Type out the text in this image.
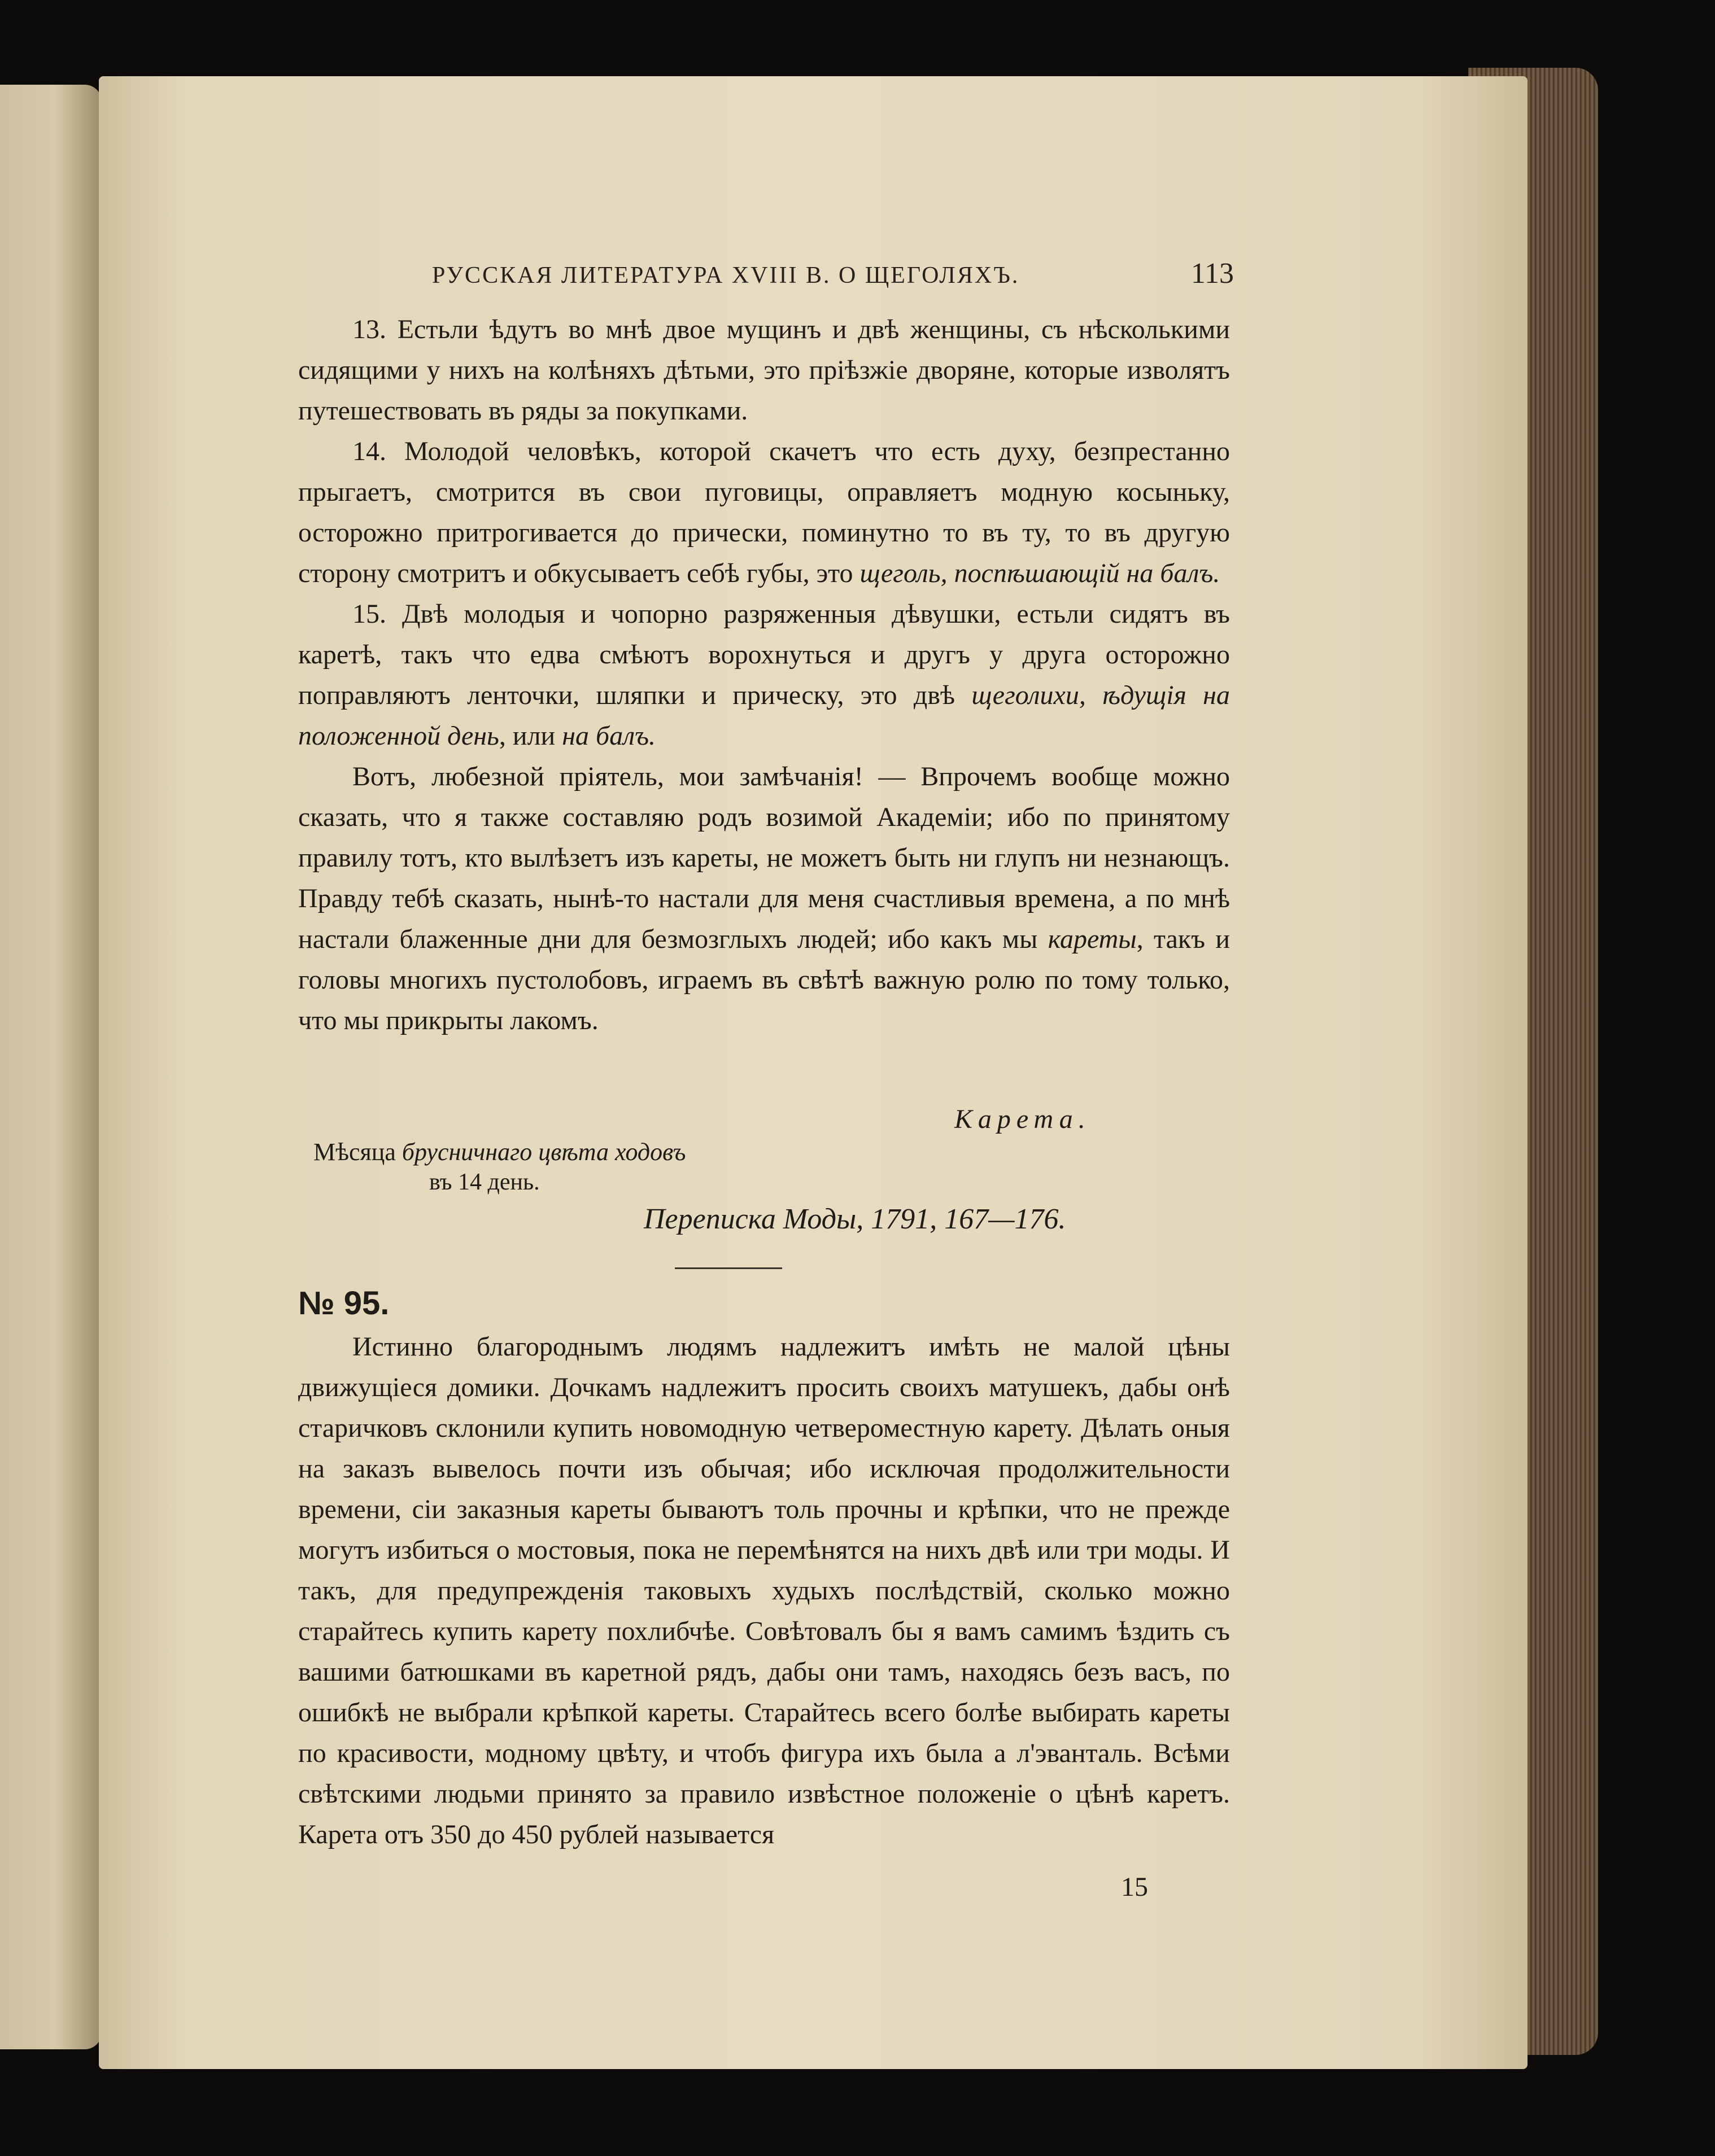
РУССКАЯ ЛИТЕРАТУРА XVIII В. О ЩЕГОЛЯХЪ.	113

13. Естьли ѣдутъ во мнѣ двое мущинъ и двѣ женщины, съ нѣсколькими сидящими у нихъ на колѣняхъ дѣтьми, это пріѣзжіе дворяне, которые изволятъ путешествовать въ ряды за покупками.

14. Молодой человѣкъ, которой скачетъ что есть духу, безпрестанно прыгаетъ, смотрится въ свои пуговицы, оправляетъ модную косыньку, осторожно притрогивается до прически, поминутно то въ ту, то въ другую сторону смотритъ и обкусываетъ себѣ губы, это щеголь, поспѣшающій на балъ.

15. Двѣ молодыя и чопорно разряженныя дѣвушки, естьли сидятъ въ каретѣ, такъ что едва смѣютъ ворохнуться и другъ у друга осторожно поправляютъ ленточки, шляпки и прическу, это двѣ щеголихи, ѣдущія на положенной день, или на балъ.

Вотъ, любезной пріятель, мои замѣчанія! — Впрочемъ вообще можно сказать, что я также составляю родъ возимой Академіи; ибо по принятому правилу тотъ, кто вылѣзетъ изъ кареты, не можетъ быть ни глупъ ни незнающъ. Правду тебѣ сказать, нынѣ-то настали для меня счастливыя времена, а по мнѣ настали блаженные дни для безмозглыхъ людей; ибо какъ мы кареты, такъ и головы многихъ пустолобовъ, играемъ въ свѣтѣ важную ролю по тому только, что мы прикрыты лакомъ.

Карета.
Мѣсяца брусничнаго цвѣта ходовъ
въ 14 день.
Переписка Моды, 1791, 167—176.
№ 95.

Истинно благороднымъ людямъ надлежитъ имѣть не малой цѣны движущіеся домики. Дочкамъ надлежитъ просить своихъ матушекъ, дабы онѣ старичковъ склонили купить новомодную четвероместную карету. Дѣлать оныя на заказъ вывелось почти изъ обычая; ибо исключая продолжительности времени, сіи заказныя кареты бываютъ толь прочны и крѣпки, что не прежде могутъ избиться о мостовыя, пока не перемѣнятся на нихъ двѣ или три моды. И такъ, для предупрежденія таковыхъ худыхъ послѣдствій, сколько можно старайтесь купить карету похлибчѣе. Совѣтовалъ бы я вамъ самимъ ѣздить съ вашими батюшками въ каретной рядъ, дабы они тамъ, находясь безъ васъ, по ошибкѣ не выбрали крѣпкой кареты. Старайтесь всего болѣе выбирать кареты по красивости, модному цвѣту, и чтобъ фигура ихъ была а л'эванталь. Всѣми свѣтскими людьми принято за правило извѣстное положеніе о цѣнѣ каретъ. Карета отъ 350 до 450 рублей называется

15
